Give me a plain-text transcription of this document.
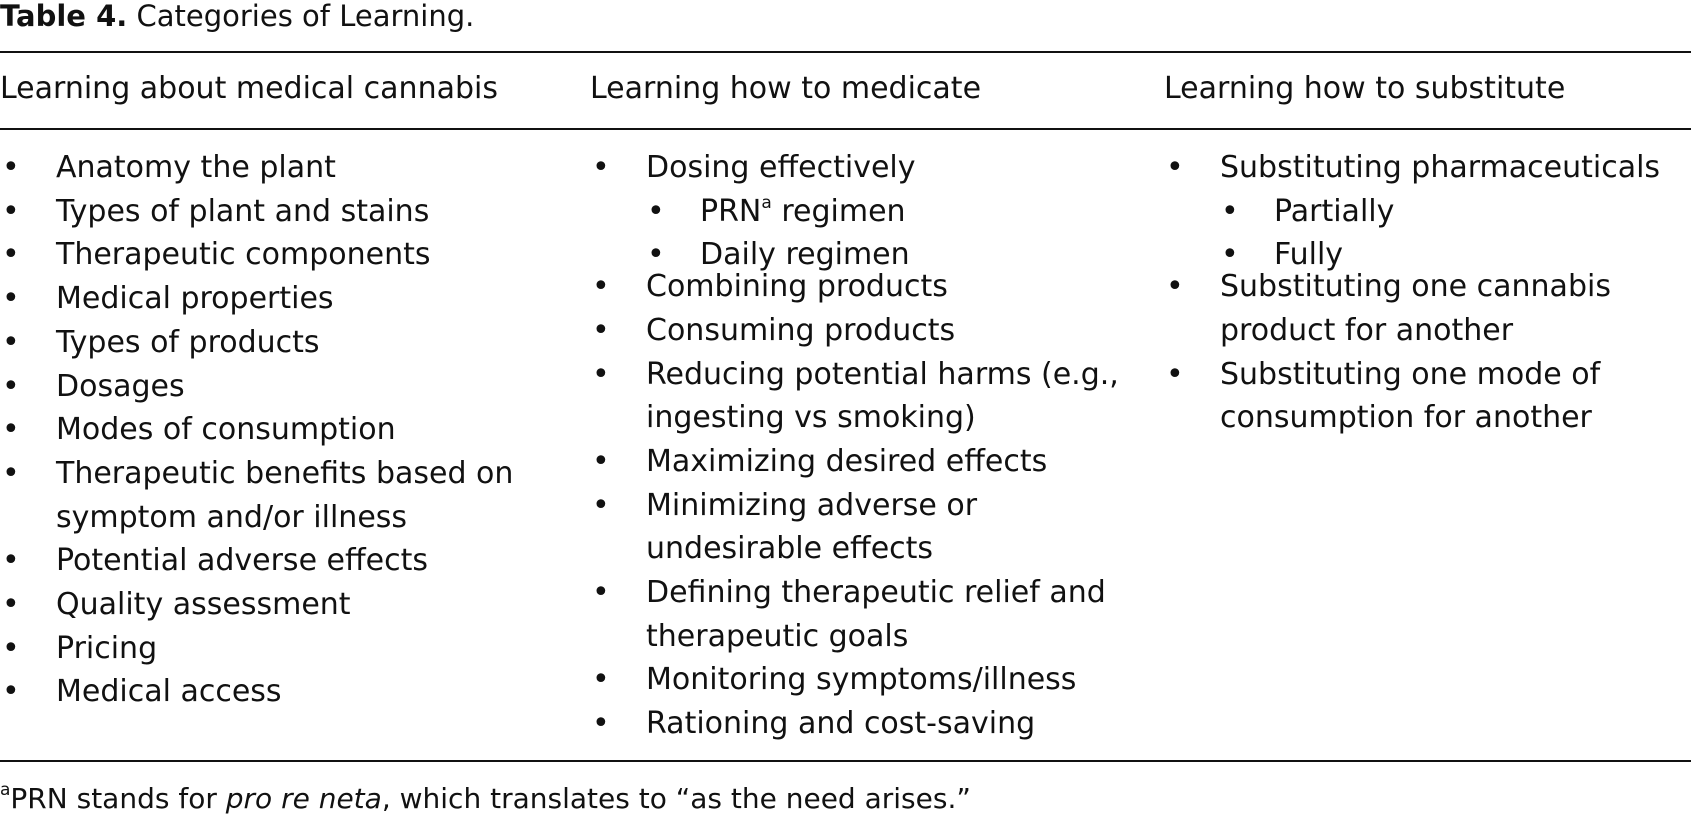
Table 4. Categories of Learning.
Learning about medical cannabis	Learning how to medicate	Learning how to substitute
• Anatomy the plant
• Types of plant and stains
• Therapeutic components
• Medical properties
• Types of products
• Dosages
• Modes of consumption
• Therapeutic benefits based on symptom and/or illness
• Potential adverse effects
• Quality assessment
• Pricing
• Medical access
• Dosing effectively
• PRN$^a$ regimen
• Daily regimen
• Combining products
• Consuming products
• Reducing potential harms (e.g., ingesting vs smoking)
• Maximizing desired effects
• Minimizing adverse or undesirable effects
• Defining therapeutic relief and therapeutic goals
• Monitoring symptoms/illness
• Rationing and cost-saving
• Substituting pharmaceuticals
• Partially
• Fully
• Substituting one cannabis product for another
• Substituting one mode of consumption for another
$^a$PRN stands for pro re neta, which translates to “as the need arises.”
